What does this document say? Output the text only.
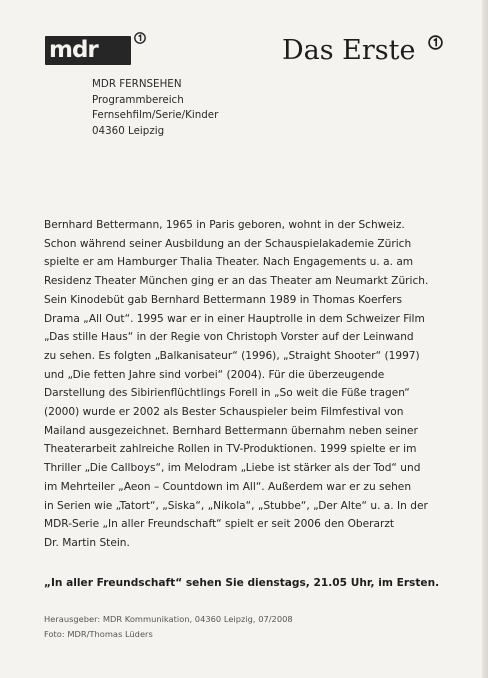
mdr	Das Erste
MDR FERNSEHEN
Programmbereich
Fernsehfilm/Serie/Kinder
04360 Leipzig
Bernhard Bettermann, 1965 in Paris geboren, wohnt in der Schweiz.
Schon während seiner Ausbildung an der Schauspielakademie Zürich
spielte er am Hamburger Thalia Theater. Nach Engagements u. a. am
Residenz Theater München ging er an das Theater am Neumarkt Zürich.
Sein Kinodebüt gab Bernhard Bettermann 1989 in Thomas Koerfers
Drama „All Out“. 1995 war er in einer Hauptrolle in dem Schweizer Film
„Das stille Haus“ in der Regie von Christoph Vorster auf der Leinwand
zu sehen. Es folgten „Balkanisateur“ (1996), „Straight Shooter“ (1997)
und „Die fetten Jahre sind vorbei“ (2004). Für die überzeugende
Darstellung des Sibirienflüchtlings Forell in „So weit die Füße tragen“
(2000) wurde er 2002 als Bester Schauspieler beim Filmfestival von
Mailand ausgezeichnet. Bernhard Bettermann übernahm neben seiner
Theaterarbeit zahlreiche Rollen in TV-Produktionen. 1999 spielte er im
Thriller „Die Callboys“, im Melodram „Liebe ist stärker als der Tod“ und
im Mehrteiler „Aeon – Countdown im All“. Außerdem war er zu sehen
in Serien wie „Tatort“, „Siska“, „Nikola“, „Stubbe“, „Der Alte“ u. a. In der
MDR-Serie „In aller Freundschaft“ spielt er seit 2006 den Oberarzt
Dr. Martin Stein.
„In aller Freundschaft“ sehen Sie dienstags, 21.05 Uhr, im Ersten.
Herausgeber: MDR Kommunikation, 04360 Leipzig, 07/2008
Foto: MDR/Thomas Lüders
